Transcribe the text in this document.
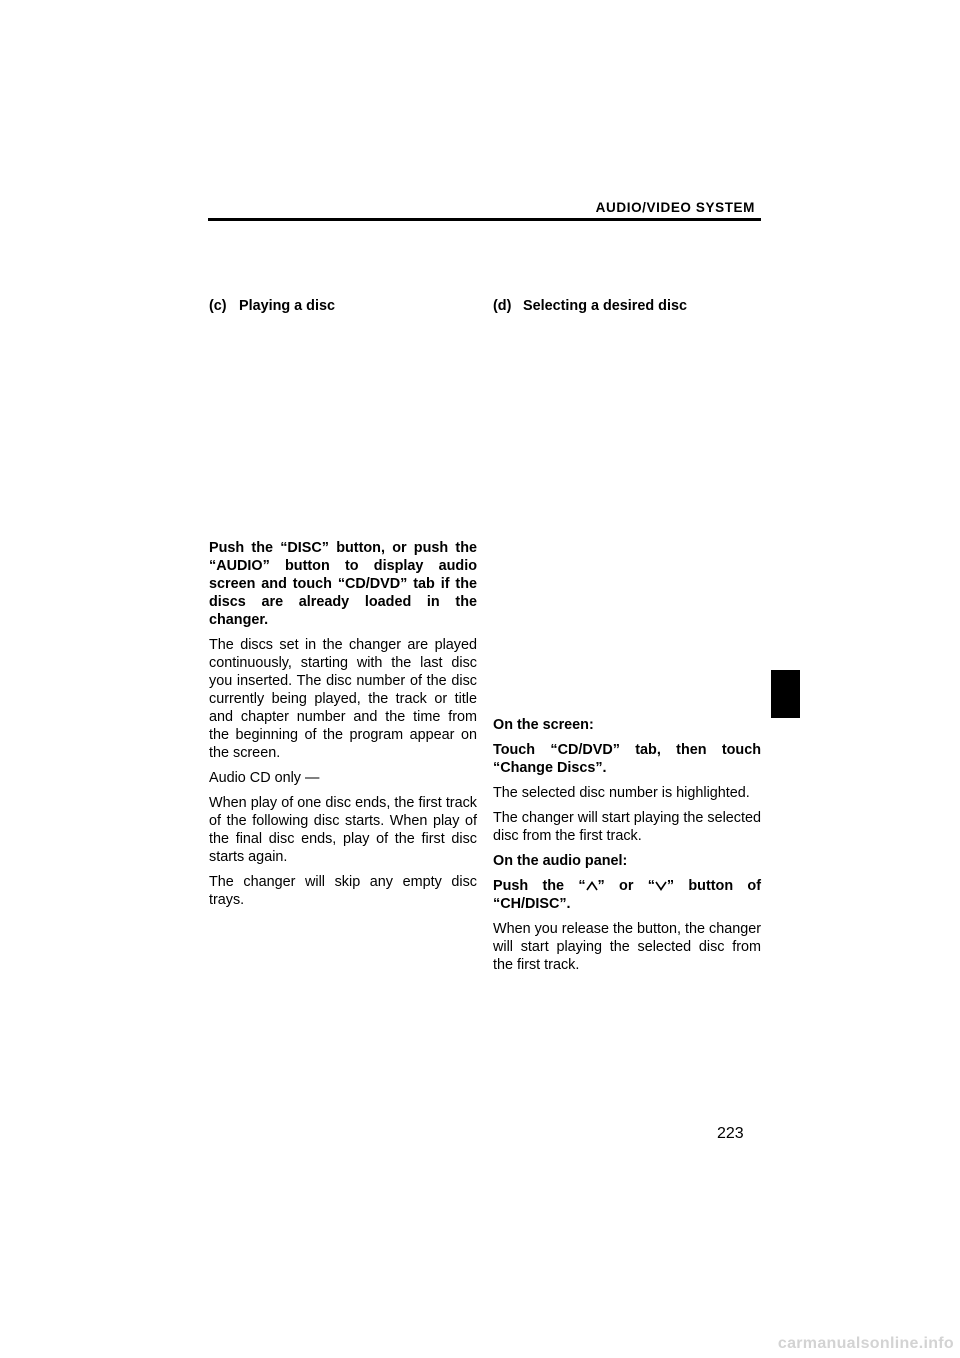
AUDIO/VIDEO SYSTEM
(c) Playing a disc

Push the “DISC” button, or push the “AUDIO” button to display audio screen and touch “CD/DVD” tab if the discs are already loaded in the changer.

The discs set in the changer are played continuously, starting with the last disc you inserted. The disc number of the disc currently being played, the track or title and chapter number and the time from the beginning of the program appear on the screen.

Audio CD only —

When play of one disc ends, the first track of the following disc starts. When play of the final disc ends, play of the first disc starts again.

The changer will skip any empty disc trays.

(d) Selecting a desired disc

On the screen:

Touch “CD/DVD” tab, then touch “Change Discs”.

The selected disc number is highlighted.

The changer will start playing the selected disc from the first track.

On the audio panel:

Push the “ ” or “ ” button of “CH/DISC”.

When you release the button, the changer will start playing the selected disc from the first track.

223
carmanualsonline.info
